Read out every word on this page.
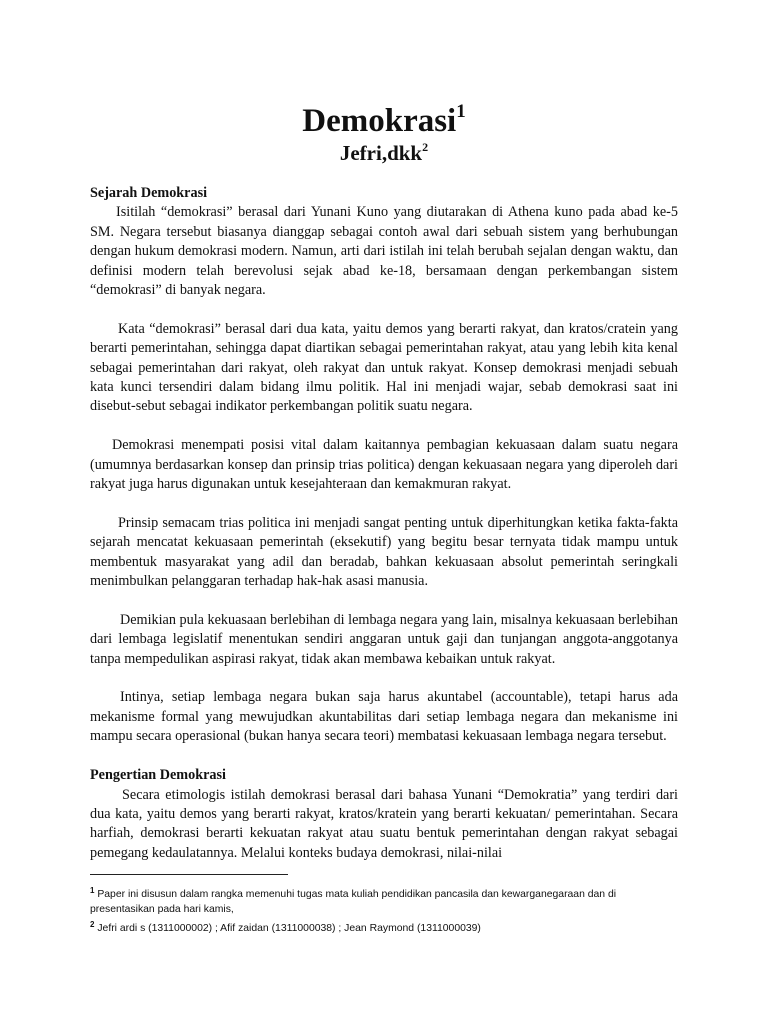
Demokrasi$^1$
Jefri,dkk$^2$

Sejarah Demokrasi

Isitilah “demokrasi” berasal dari Yunani Kuno yang diutarakan di Athena kuno pada abad ke-5 SM. Negara tersebut biasanya dianggap sebagai contoh awal dari sebuah sistem yang berhubungan dengan hukum demokrasi modern. Namun, arti dari istilah ini telah berubah sejalan dengan waktu, dan definisi modern telah berevolusi sejak abad ke-18, bersamaan dengan perkembangan sistem “demokrasi” di banyak negara.

Kata “demokrasi” berasal dari dua kata, yaitu demos yang berarti rakyat, dan kratos/cratein yang berarti pemerintahan, sehingga dapat diartikan sebagai pemerintahan rakyat, atau yang lebih kita kenal sebagai pemerintahan dari rakyat, oleh rakyat dan untuk rakyat. Konsep demokrasi menjadi sebuah kata kunci tersendiri dalam bidang ilmu politik. Hal ini menjadi wajar, sebab demokrasi saat ini disebut-sebut sebagai indikator perkembangan politik suatu negara.

Demokrasi menempati posisi vital dalam kaitannya pembagian kekuasaan dalam suatu negara (umumnya berdasarkan konsep dan prinsip trias politica) dengan kekuasaan negara yang diperoleh dari rakyat juga harus digunakan untuk kesejahteraan dan kemakmuran rakyat.

Prinsip semacam trias politica ini menjadi sangat penting untuk diperhitungkan ketika fakta-fakta sejarah mencatat kekuasaan pemerintah (eksekutif) yang begitu besar ternyata tidak mampu untuk membentuk masyarakat yang adil dan beradab, bahkan kekuasaan absolut pemerintah seringkali menimbulkan pelanggaran terhadap hak-hak asasi manusia.

Demikian pula kekuasaan berlebihan di lembaga negara yang lain, misalnya kekuasaan berlebihan dari lembaga legislatif menentukan sendiri anggaran untuk gaji dan tunjangan anggota-anggotanya tanpa mempedulikan aspirasi rakyat, tidak akan membawa kebaikan untuk rakyat.

Intinya, setiap lembaga negara bukan saja harus akuntabel (accountable), tetapi harus ada mekanisme formal yang mewujudkan akuntabilitas dari setiap lembaga negara dan mekanisme ini mampu secara operasional (bukan hanya secara teori) membatasi kekuasaan lembaga negara tersebut.

Pengertian Demokrasi

Secara etimologis istilah demokrasi berasal dari bahasa Yunani “Demokratia” yang terdiri dari dua kata, yaitu demos yang berarti rakyat, kratos/kratein yang berarti kekuatan/ pemerintahan. Secara harfiah, demokrasi berarti kekuatan rakyat atau suatu bentuk pemerintahan dengan rakyat sebagai pemegang kedaulatannya. Melalui konteks budaya demokrasi, nilai-nilai

$^1$ Paper ini disusun dalam rangka memenuhi tugas mata kuliah pendidikan pancasila dan kewarganegaraan dan di presentasikan pada hari kamis,

$^2$ Jefri ardi s (1311000002) ; Afif zaidan (1311000038) ; Jean Raymond (1311000039)
